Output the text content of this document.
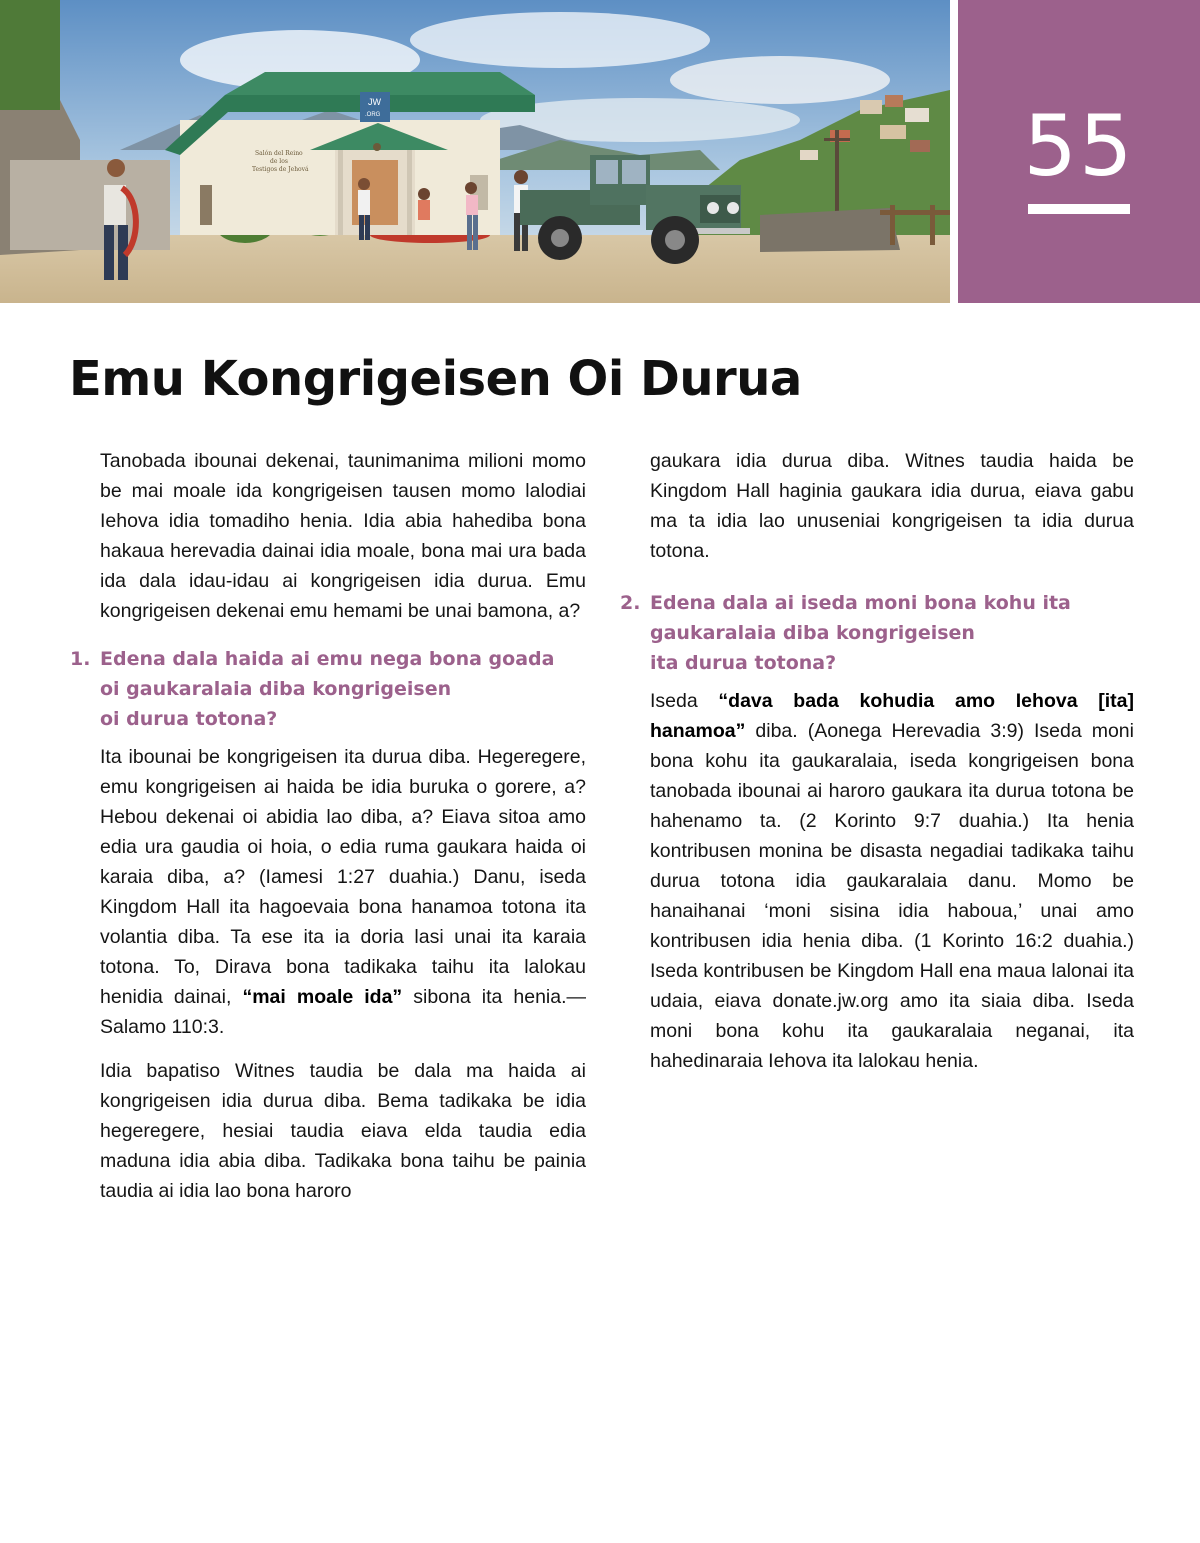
JW
.ORG
Salón del Reino
de los
Testigos de Jehová	55
Emu Kongrigeisen Oi Durua

Tanobada ibounai dekenai, taunimanima milioni momo be mai moale ida kongrigeisen tausen momo lalodiai Iehova idia tomadiho henia. Idia abia hahediba bona hakaua herevadia dainai idia moale, bona mai ura bada ida dala idau-idau ai kongrigeisen idia durua. Emu kongrigeisen dekenai emu hemami be unai bamona, a?

1. Edena dala haida ai emu nega bona goada
oi gaukaralaia diba kongrigeisen
oi durua totona?

Ita ibounai be kongrigeisen ita durua diba. Hegeregere, emu kongrigeisen ai haida be idia buruka o gorere, a? Hebou dekenai oi abidia lao diba, a? Eiava sitoa amo edia ura gaudia oi hoia, o edia ruma gaukara haida oi karaia diba, a? (Iamesi 1:27 duahia.) Danu, iseda Kingdom Hall ita hagoevaia bona hanamoa totona ita volantia diba. Ta ese ita ia doria lasi unai ita karaia totona. To, Dirava bona tadikaka taihu ita lalokau henidia dainai, “mai moale ida” sibona ita henia.—Salamo 110:3.

Idia bapatiso Witnes taudia be dala ma haida ai kongrigeisen idia durua diba. Bema tadikaka be idia hegeregere, hesiai taudia eiava elda taudia edia maduna idia abia diba. Tadikaka bona taihu be painia taudia ai idia lao bona haroro

gaukara idia durua diba. Witnes taudia haida be Kingdom Hall haginia gaukara idia durua, eiava gabu ma ta idia lao unuseniai kongrigeisen ta idia durua totona.

2. Edena dala ai iseda moni bona kohu ita
gaukaralaia diba kongrigeisen
ita durua totona?

Iseda “dava bada kohudia amo Iehova [ita] hanamoa” diba. (Aonega Herevadia 3:9) Iseda moni bona kohu ita gaukaralaia, iseda kongrigeisen bona tanobada ibounai ai haroro gaukara ita durua totona be hahenamo ta. (2 Korinto 9:7 duahia.) Ita henia kontribusen monina be disasta negadiai tadikaka taihu durua totona idia gaukaralaia danu. Momo be hanaihanai ‘moni sisina idia haboua,’ unai amo kontribusen idia henia diba. (1 Korinto 16:2 duahia.) Iseda kontribusen be Kingdom Hall ena maua lalonai ita udaia, eiava donate.jw.org amo ita siaia diba. Iseda moni bona kohu ita gaukaralaia neganai, ita hahedinaraia Iehova ita lalokau henia.
